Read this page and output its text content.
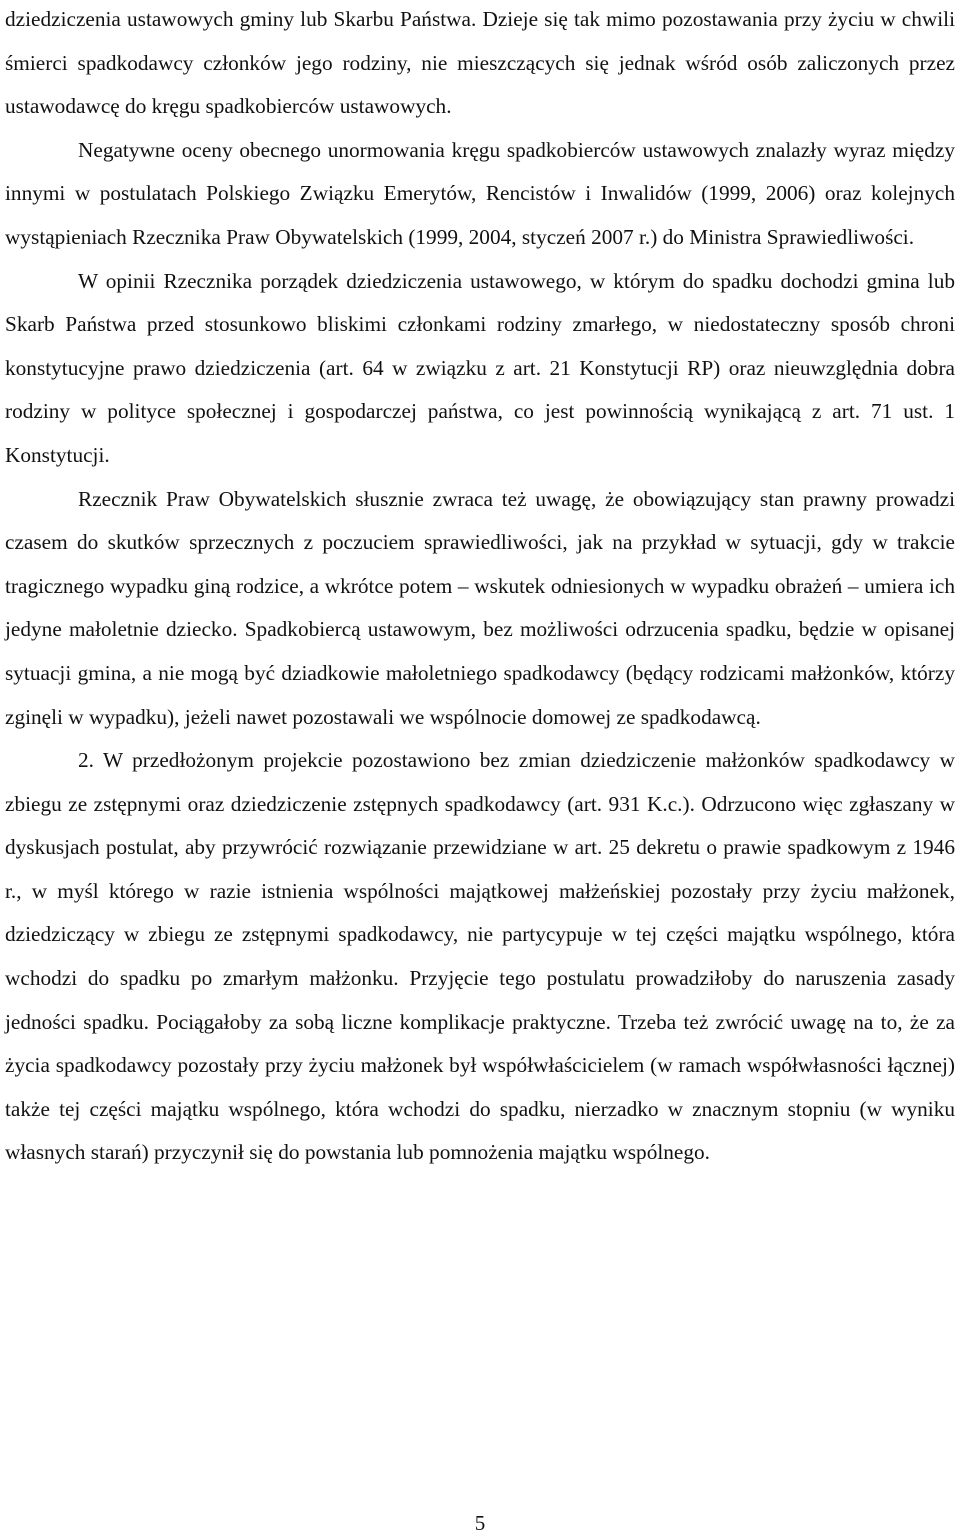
dziedziczenia ustawowych gminy lub Skarbu Państwa. Dzieje się tak mimo pozostawania przy życiu w chwili śmierci spadkodawcy członków jego rodziny, nie mieszczących się jednak wśród osób zaliczonych przez ustawodawcę do kręgu spadkobierców ustawowych.

Negatywne oceny obecnego unormowania kręgu spadkobierców ustawowych znalazły wyraz między innymi w postulatach Polskiego Związku Emerytów, Rencistów i Inwalidów (1999, 2006) oraz kolejnych wystąpieniach Rzecznika Praw Obywatelskich (1999, 2004, styczeń 2007 r.) do Ministra Sprawiedliwości.

W opinii Rzecznika porządek dziedziczenia ustawowego, w którym do spadku dochodzi gmina lub Skarb Państwa przed stosunkowo bliskimi członkami rodziny zmarłego, w niedostateczny sposób chroni konstytucyjne prawo dziedziczenia (art. 64 w związku z art. 21 Konstytucji RP) oraz nieuwzględnia dobra rodziny w polityce społecznej i gospodarczej państwa, co jest powinnością wynikającą z art. 71 ust. 1 Konstytucji.

Rzecznik Praw Obywatelskich słusznie zwraca też uwagę, że obowiązujący stan prawny prowadzi czasem do skutków sprzecznych z poczuciem sprawiedliwości, jak na przykład w sytuacji, gdy w trakcie tragicznego wypadku giną rodzice, a wkrótce potem – wskutek odniesionych w wypadku obrażeń – umiera ich jedyne małoletnie dziecko. Spadkobiercą ustawowym, bez możliwości odrzucenia spadku, będzie w opisanej sytuacji gmina, a nie mogą być dziadkowie małoletniego spadkodawcy (będący rodzicami małżonków, którzy zginęli w wypadku), jeżeli nawet pozostawali we wspólnocie domowej ze spadkodawcą.

2. W przedłożonym projekcie pozostawiono bez zmian dziedziczenie małżonków spadkodawcy w zbiegu ze zstępnymi oraz dziedziczenie zstępnych spadkodawcy (art. 931 K.c.). Odrzucono więc zgłaszany w dyskusjach postulat, aby przywrócić rozwiązanie przewidziane w art. 25 dekretu o prawie spadkowym z 1946 r., w myśl którego w razie istnienia wspólności majątkowej małżeńskiej pozostały przy życiu małżonek, dziedziczący w zbiegu ze zstępnymi spadkodawcy, nie partycypuje w tej części majątku wspólnego, która wchodzi do spadku po zmarłym małżonku. Przyjęcie tego postulatu prowadziłoby do naruszenia zasady jedności spadku. Pociągałoby za sobą liczne komplikacje praktyczne. Trzeba też zwrócić uwagę na to, że za życia spadkodawcy pozostały przy życiu małżonek był współwłaścicielem (w ramach współwłasności łącznej) także tej części majątku wspólnego, która wchodzi do spadku, nierzadko w znacznym stopniu (w wyniku własnych starań) przyczynił się do powstania lub pomnożenia majątku wspólnego.

5
